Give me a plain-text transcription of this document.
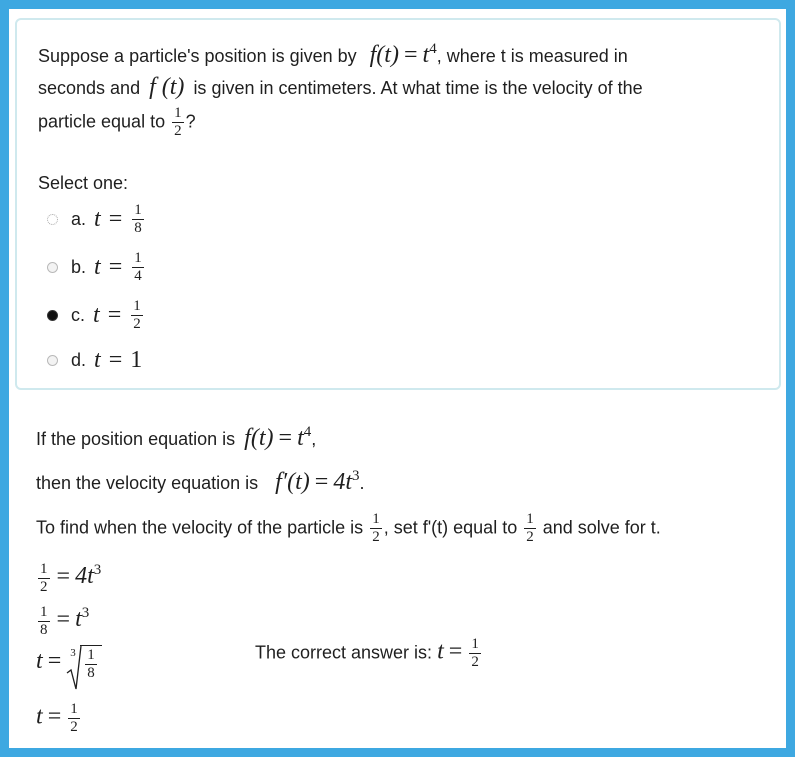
Suppose a particle's position is given by $f(t) = t^4$, where t is measured in
seconds and f (t) is given in centimeters. At what time is the velocity of the
particle equal to $\frac{1}{2}$ ?
Select one:
a. $t = \frac{1}{8}$
b. $t = \frac{1}{4}$
c. $t = \frac{1}{2}$
d. t = 1
If the position equation is $f(t) = t^4$,
then the velocity equation is $f'(t) = 4t^3$.
To find when the velocity of the particle is $\frac{1}{2}$ , set f'(t) equal to $\frac{1}{2}$ and solve for t.
$\frac{1}{2} = 4t^3$
$\frac{1}{8} = t^3$
$t = 3 \frac{1}{8}$
$t = \frac{1}{2}$
The correct answer is: $t = \frac{1}{2}$
